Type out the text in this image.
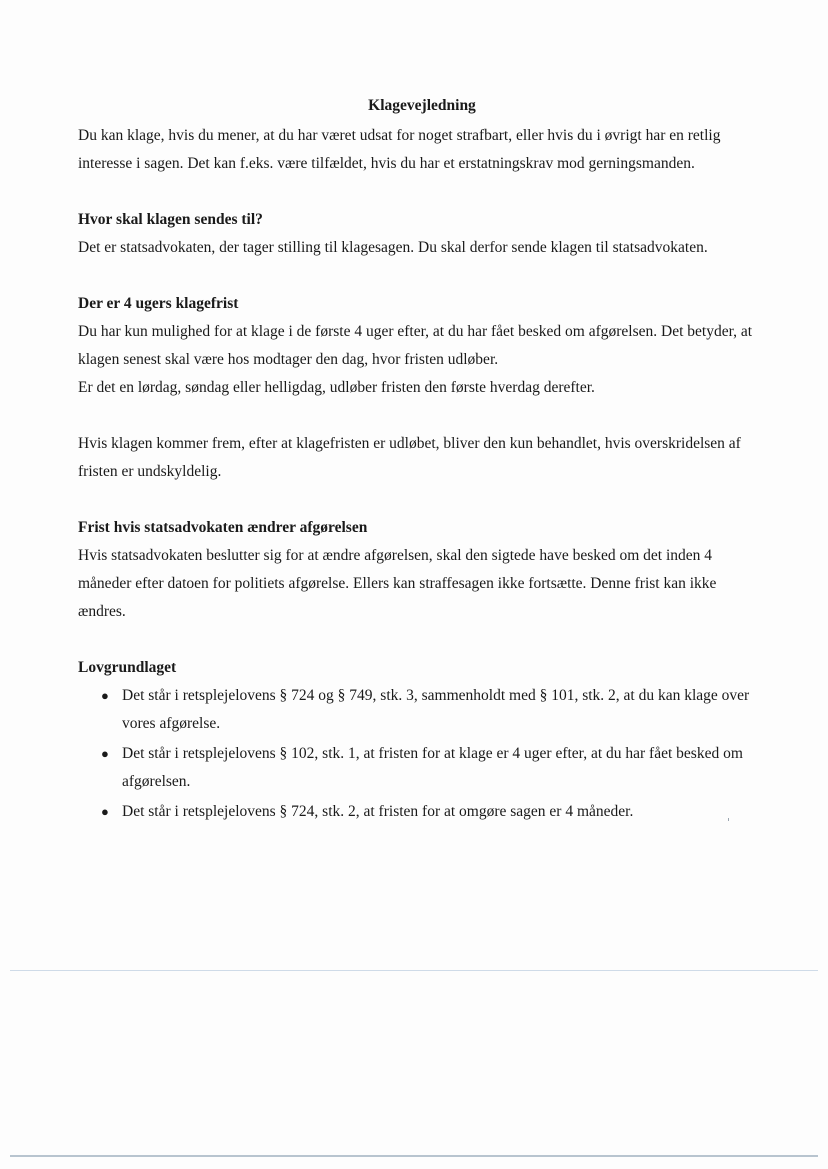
Klagevejledning

Du kan klage, hvis du mener, at du har været udsat for noget strafbart, eller hvis du i øvrigt har en retlig interesse i sagen. Det kan f.eks. være tilfældet, hvis du har et erstatningskrav mod gerningsmanden.

Hvor skal klagen sendes til?

Det er statsadvokaten, der tager stilling til klagesagen. Du skal derfor sende klagen til statsadvokaten.

Der er 4 ugers klagefrist

Du har kun mulighed for at klage i de første 4 uger efter, at du har fået besked om afgørelsen. Det betyder, at klagen senest skal være hos modtager den dag, hvor fristen udløber.

Er det en lørdag, søndag eller helligdag, udløber fristen den første hverdag derefter.

Hvis klagen kommer frem, efter at klagefristen er udløbet, bliver den kun behandlet, hvis overskridelsen af fristen er undskyldelig.

Frist hvis statsadvokaten ændrer afgørelsen

Hvis statsadvokaten beslutter sig for at ændre afgørelsen, skal den sigtede have besked om det inden 4 måneder efter datoen for politiets afgørelse. Ellers kan straffesagen ikke fortsætte. Denne frist kan ikke ændres.

Lovgrundlaget

● Det står i retsplejelovens § 724 og § 749, stk. 3, sammenholdt med § 101, stk. 2, at du kan klage over vores afgørelse.
● Det står i retsplejelovens § 102, stk. 1, at fristen for at klage er 4 uger efter, at du har fået besked om afgørelsen.
● Det står i retsplejelovens § 724, stk. 2, at fristen for at omgøre sagen er 4 måneder.
